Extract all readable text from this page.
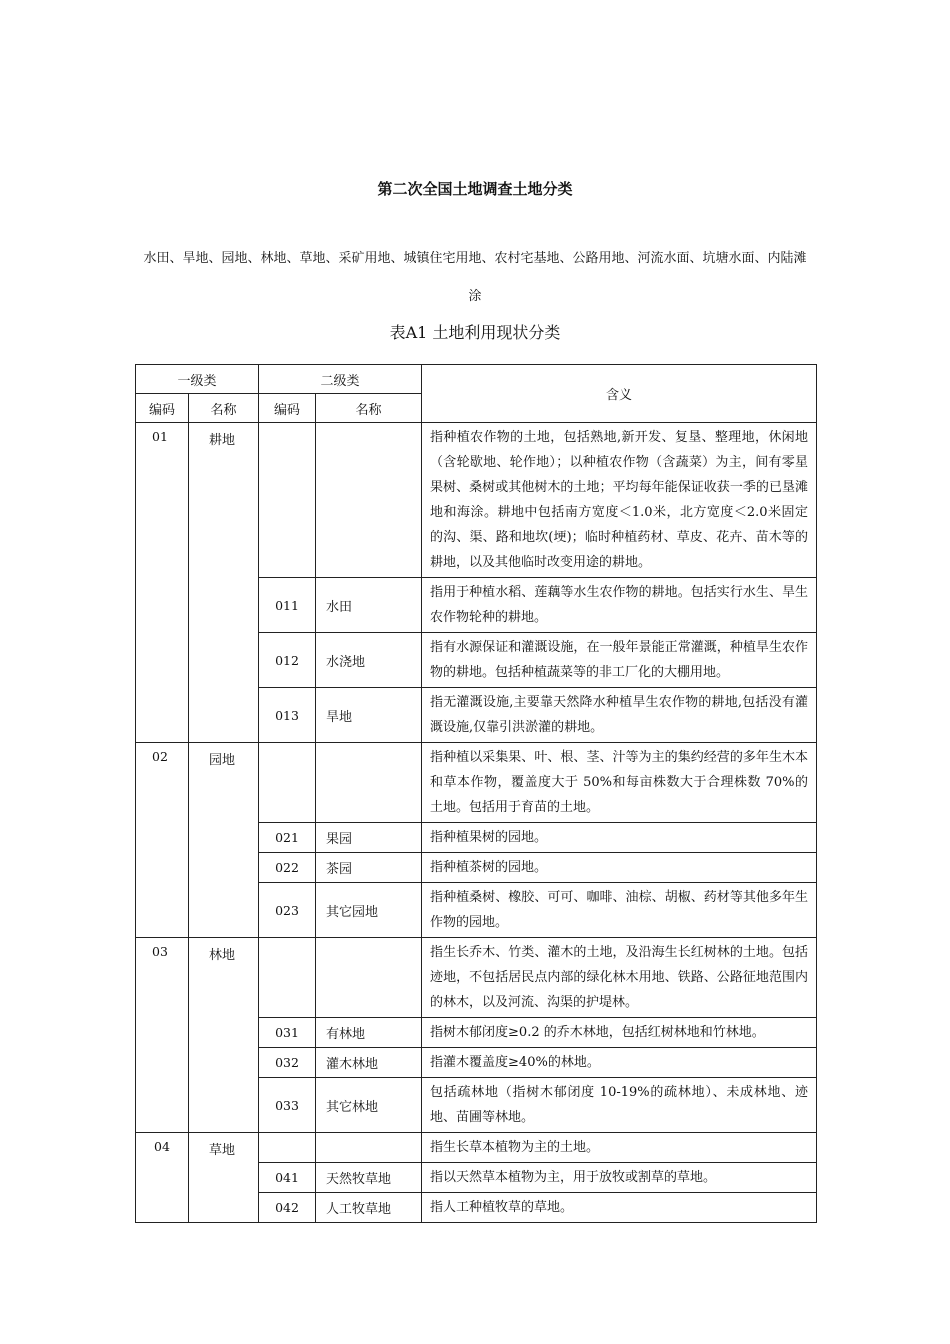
第二次全国土地调查土地分类
水田、旱地、园地、林地、草地、采矿用地、城镇住宅用地、农村宅基地、公路用地、河流水面、坑塘水面、内陆滩涂
表A1 土地利用现状分类
一级类		二级类		含义
编码	名称	编码	名称	
01	耕地			指种植农作物的土地，包括熟地,新开发、复垦、整理地，休闲地（含轮歇地、轮作地）；以种植农作物（含蔬菜）为主，间有零星果树、桑树或其他树木的土地；平均每年能保证收获一季的已垦滩地和海涂。耕地中包括南方宽度＜1.0米，北方宽度＜2.0米固定的沟、渠、路和地坎(埂)；临时种植药材、草皮、花卉、苗木等的耕地，以及其他临时改变用途的耕地。
		011	水田	指用于种植水稻、莲藕等水生农作物的耕地。包括实行水生、旱生农作物轮种的耕地。
		012	水浇地	指有水源保证和灌溉设施，在一般年景能正常灌溉，种植旱生农作物的耕地。包括种植蔬菜等的非工厂化的大棚用地。
		013	旱地	指无灌溉设施,主要靠天然降水种植旱生农作物的耕地,包括没有灌溉设施,仅靠引洪淤灌的耕地。
02	园地			指种植以采集果、叶、根、茎、汁等为主的集约经营的多年生木本和草本作物，覆盖度大于 50%和每亩株数大于合理株数 70%的土地。包括用于育苗的土地。
		021	果园	指种植果树的园地。
		022	茶园	指种植茶树的园地。
		023	其它园地	指种植桑树、橡胶、可可、咖啡、油棕、胡椒、药材等其他多年生作物的园地。
03	林地			指生长乔木、竹类、灌木的土地，及沿海生长红树林的土地。包括迹地，不包括居民点内部的绿化林木用地、铁路、公路征地范围内的林木，以及河流、沟渠的护堤林。
		031	有林地	指树木郁闭度≥0.2 的乔木林地，包括红树林地和竹林地。
		032	灌木林地	指灌木覆盖度≥40%的林地。
		033	其它林地	包括疏林地（指树木郁闭度 10-19%的疏林地）、未成林地、迹地、苗圃等林地。
04	草地			指生长草本植物为主的土地。
		041	天然牧草地	指以天然草本植物为主，用于放牧或割草的草地。
		042	人工牧草地	指人工种植牧草的草地。
